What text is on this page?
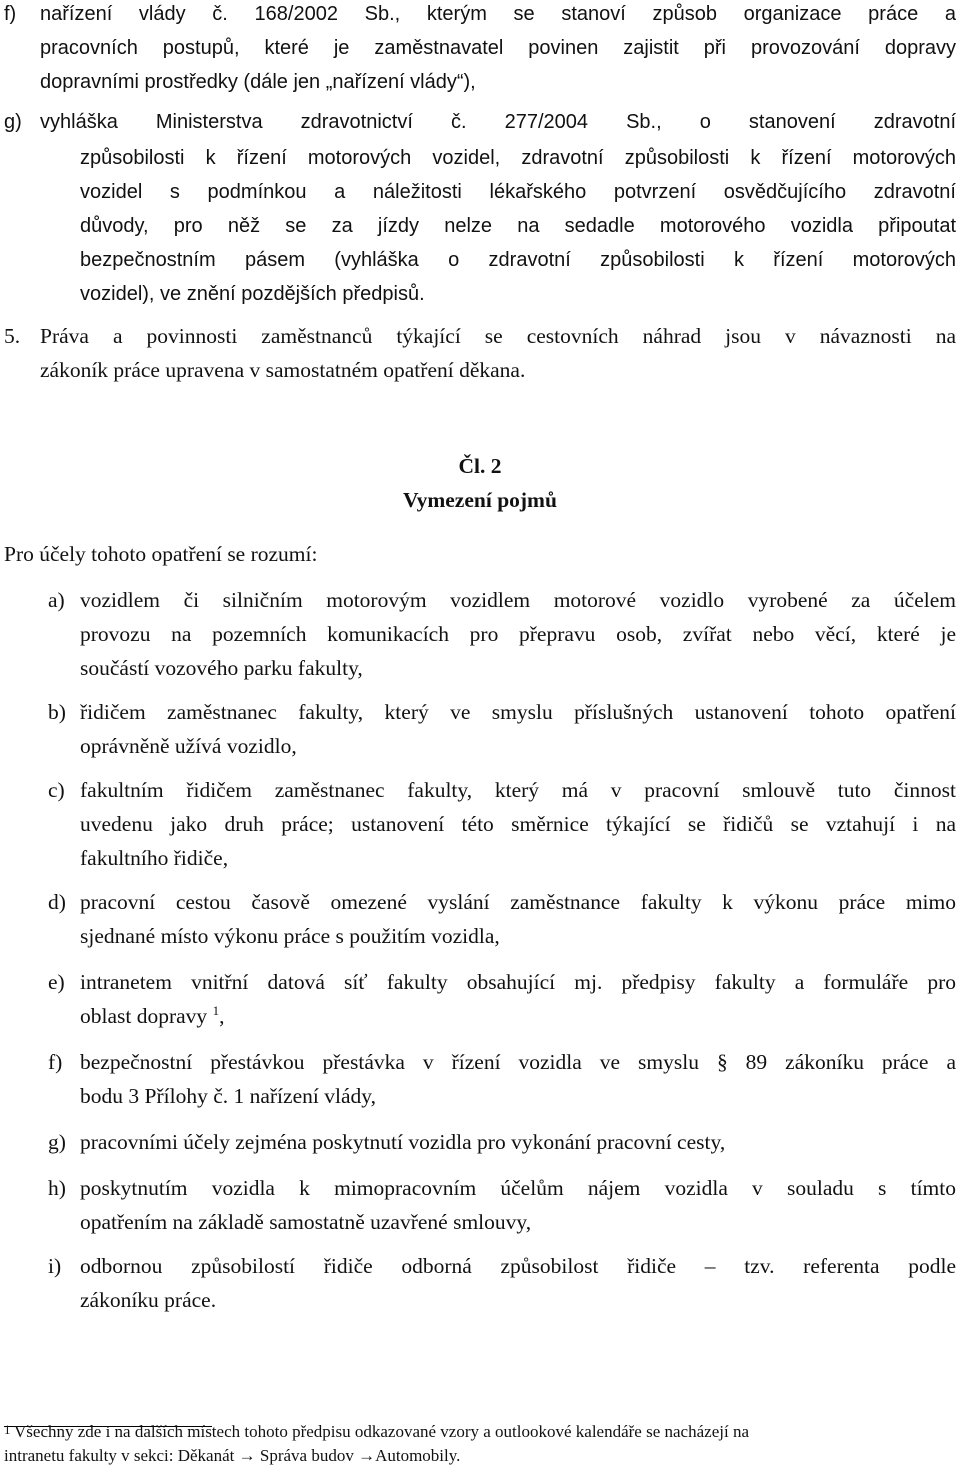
f) nařízení vlády č. 168/2002 Sb., kterým se stanoví způsob organizace práce a
pracovních postupů, které je zaměstnavatel povinen zajistit při provozování dopravy
dopravními prostředky (dále jen „nařízení vlády“),
g) vyhláška Ministerstva zdravotnictví č. 277/2004 Sb., o stanovení zdravotní
způsobilosti k řízení motorových vozidel, zdravotní způsobilosti k řízení motorových
vozidel s podmínkou a náležitosti lékařského potvrzení osvědčujícího zdravotní
důvody, pro něž se za jízdy nelze na sedadle motorového vozidla připoutat
bezpečnostním pásem (vyhláška o zdravotní způsobilosti k řízení motorových
vozidel), ve znění pozdějších předpisů.
5. Práva a povinnosti zaměstnanců týkající se cestovních náhrad jsou v návaznosti na
zákoník práce upravena v samostatném opatření děkana.
Čl. 2
Vymezení pojmů
Pro účely tohoto opatření se rozumí:
a) vozidlem či silničním motorovým vozidlem motorové vozidlo vyrobené za účelem
provozu na pozemních komunikacích pro přepravu osob, zvířat nebo věcí, které je
součástí vozového parku fakulty,
b) řidičem zaměstnanec fakulty, který ve smyslu příslušných ustanovení tohoto opatření
oprávněně užívá vozidlo,
c) fakultním řidičem zaměstnanec fakulty, který má v pracovní smlouvě tuto činnost
uvedenu jako druh práce; ustanovení této směrnice týkající se řidičů se vztahují i na
fakultního řidiče,
d) pracovní cestou časově omezené vyslání zaměstnance fakulty k výkonu práce mimo
sjednané místo výkonu práce s použitím vozidla,
e) intranetem vnitřní datová síť fakulty obsahující mj. předpisy fakulty a formuláře pro
oblast dopravy $^1$,
f) bezpečnostní přestávkou přestávka v řízení vozidla ve smyslu § 89 zákoníku práce a
bodu 3 Přílohy č. 1 nařízení vlády,
g) pracovními účely zejména poskytnutí vozidla pro vykonání pracovní cesty,
h) poskytnutím vozidla k mimopracovním účelům nájem vozidla v souladu s tímto
opatřením na základě samostatně uzavřené smlouvy,
i) odbornou způsobilostí řidiče odborná způsobilost řidiče – tzv. referenta podle
zákoníku práce.
1 Všechny zde i na dalších místech tohoto předpisu odkazované vzory a outlookové kalendáře se nacházejí na
intranetu fakulty v sekci: Děkanát → Správa budov →Automobily.
